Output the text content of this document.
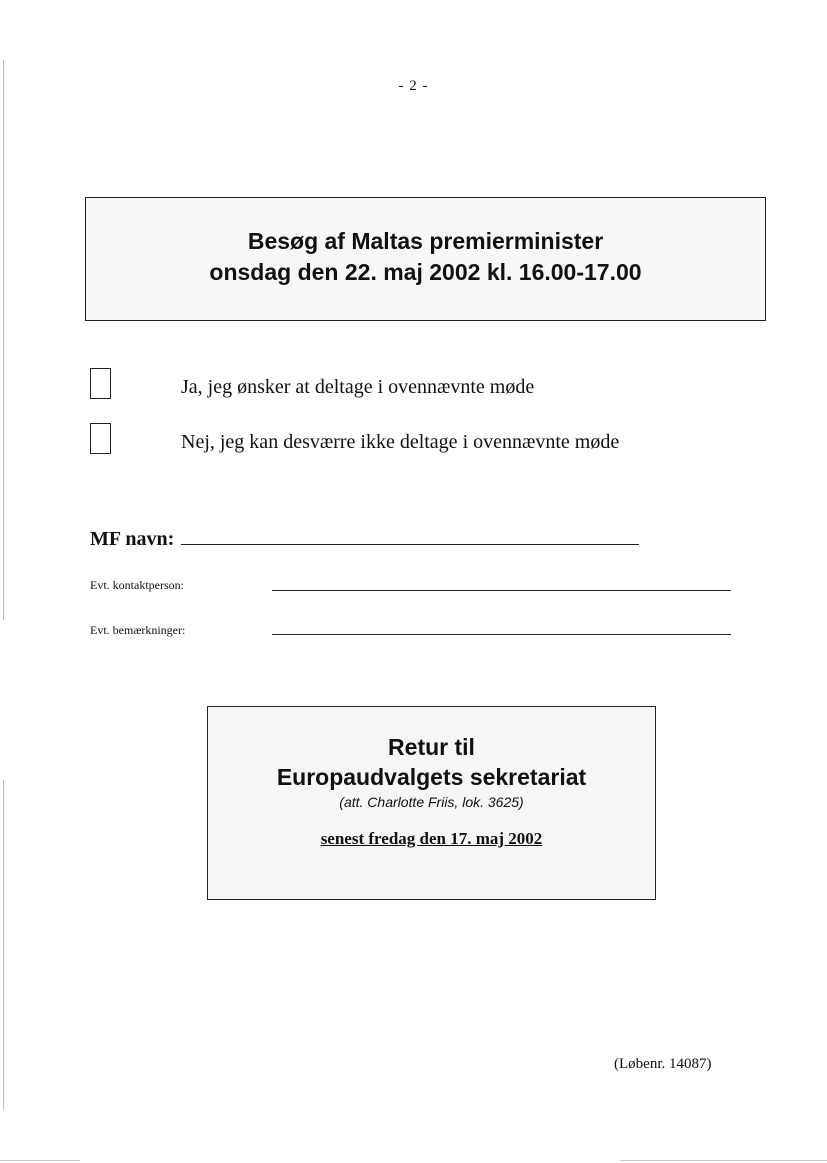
- 2 -
Besøg af Maltas premierminister
onsdag den 22. maj 2002 kl. 16.00-17.00
Ja, jeg ønsker at deltage i ovennævnte møde
Nej, jeg kan desværre ikke deltage i ovennævnte møde
MF navn:
Evt. kontaktperson:
Evt. bemærkninger:
Retur til
Europaudvalgets sekretariat
(att. Charlotte Friis, lok. 3625)
senest fredag den 17. maj 2002
(Løbenr. 14087)
